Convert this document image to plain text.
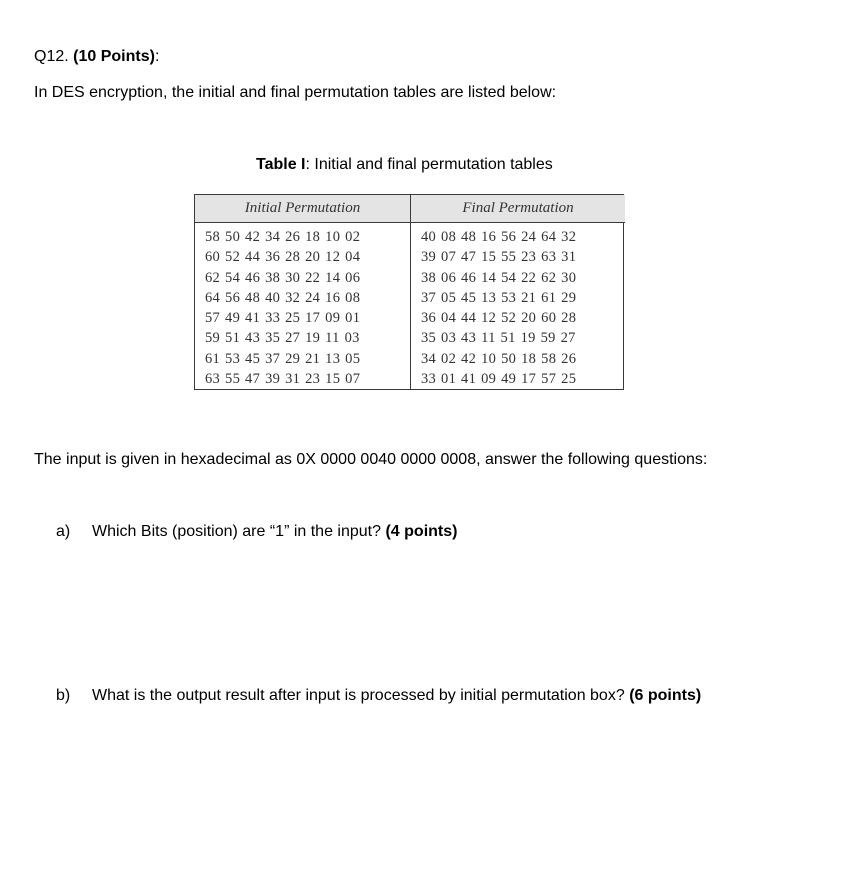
Q12. (10 Points):
In DES encryption, the initial and final permutation tables are listed below:
Table I: Initial and final permutation tables
Initial Permutation	Final Permutation
58 50 42 34 26 18 10 02
60 52 44 36 28 20 12 04
62 54 46 38 30 22 14 06
64 56 48 40 32 24 16 08
57 49 41 33 25 17 09 01
59 51 43 35 27 19 11 03
61 53 45 37 29 21 13 05
63 55 47 39 31 23 15 07
40 08 48 16 56 24 64 32
39 07 47 15 55 23 63 31
38 06 46 14 54 22 62 30
37 05 45 13 53 21 61 29
36 04 44 12 52 20 60 28
35 03 43 11 51 19 59 27
34 02 42 10 50 18 58 26
33 01 41 09 49 17 57 25
The input is given in hexadecimal as 0X 0000 0040 0000 0008, answer the following questions:
a) Which Bits (position) are “1” in the input? (4 points)
b) What is the output result after input is processed by initial permutation box? (6 points)
